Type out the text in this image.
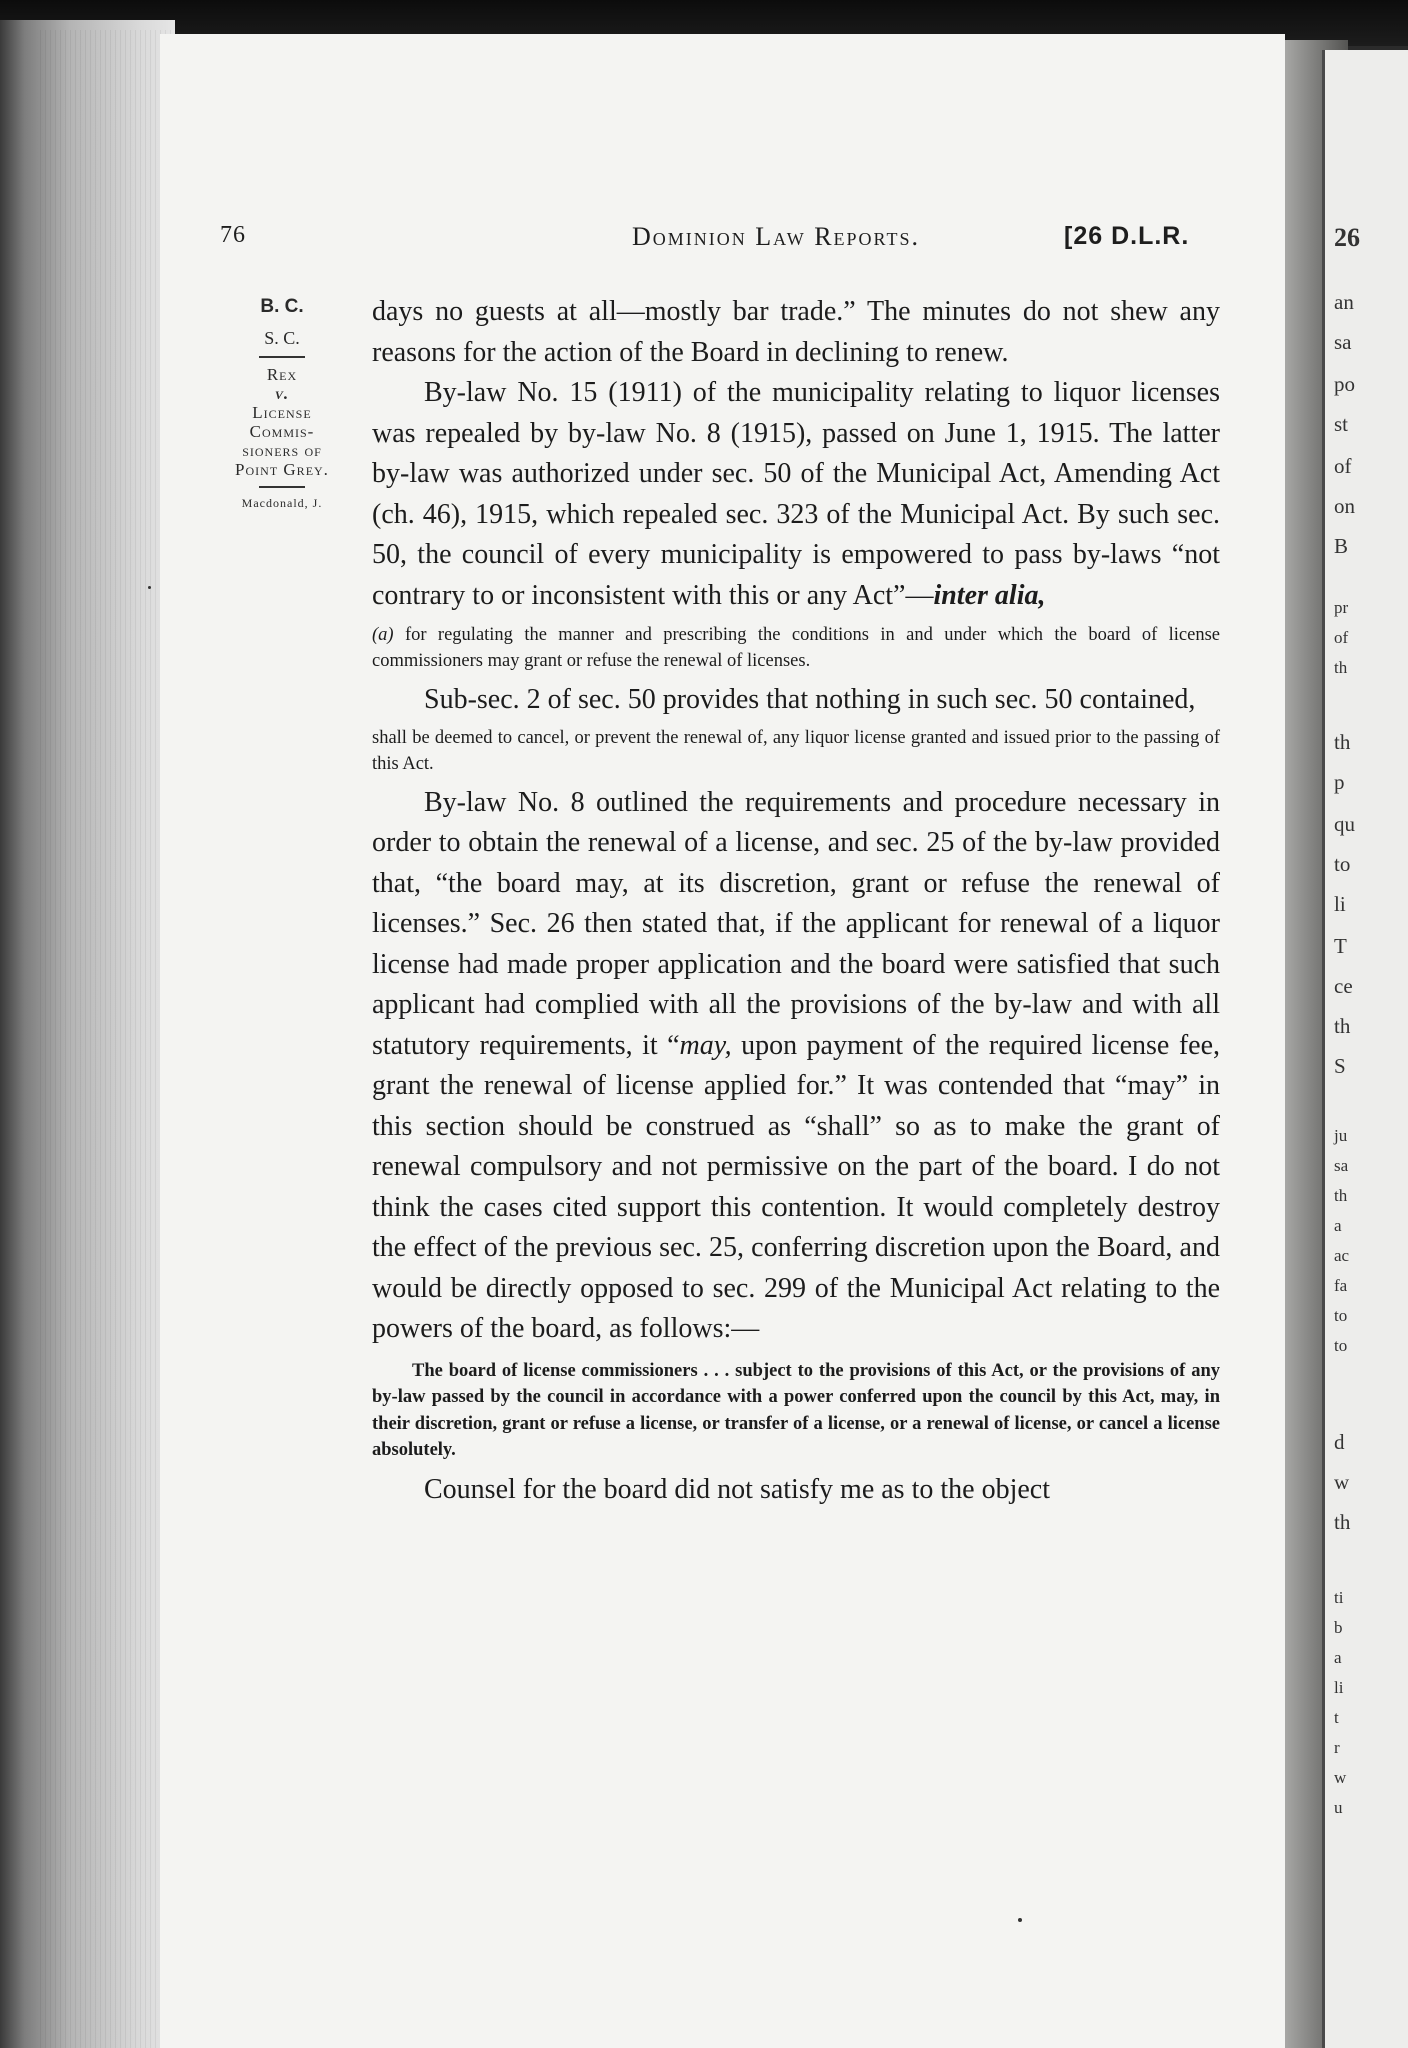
26
an
sa
po
st
of
on
B
pr
of
th
th
p
qu
to
li
T
ce
th
S
ju
sa
th
a
ac
fa
to
to
d
w
th
ti
b
a
li
t
r
w
u
76	Dominion Law Reports.	[26 D.L.R.
B. C.
S. C.
Rex
v.
License
Commis-
sioners of
Point Grey.
Macdonald, J.

days no guests at all—mostly bar trade.” The minutes do not shew any reasons for the action of the Board in declining to renew.

By-law No. 15 (1911) of the municipality relating to liquor licenses was repealed by by-law No. 8 (1915), passed on June 1, 1915. The latter by-law was authorized under sec. 50 of the Municipal Act, Amending Act (ch. 46), 1915, which repealed sec. 323 of the Municipal Act. By such sec. 50, the council of every municipality is empowered to pass by-laws “not contrary to or inconsistent with this or any Act”—inter alia,

(a) for regulating the manner and prescribing the conditions in and under which the board of license commissioners may grant or refuse the renewal of licenses.

Sub-sec. 2 of sec. 50 provides that nothing in such sec. 50 contained,

shall be deemed to cancel, or prevent the renewal of, any liquor license granted and issued prior to the passing of this Act.

By-law No. 8 outlined the requirements and procedure necessary in order to obtain the renewal of a license, and sec. 25 of the by-law provided that, “the board may, at its discretion, grant or refuse the renewal of licenses.” Sec. 26 then stated that, if the applicant for renewal of a liquor license had made proper application and the board were satisfied that such applicant had complied with all the provisions of the by-law and with all statutory requirements, it “may, upon payment of the required license fee, grant the renewal of license applied for.” It was contended that “may” in this section should be construed as “shall” so as to make the grant of renewal compulsory and not permissive on the part of the board. I do not think the cases cited support this contention. It would completely destroy the effect of the previous sec. 25, conferring discretion upon the Board, and would be directly opposed to sec. 299 of the Municipal Act relating to the powers of the board, as follows:—

The board of license commissioners . . . subject to the provisions of this Act, or the provisions of any by-law passed by the council in accordance with a power conferred upon the council by this Act, may, in their discretion, grant or refuse a license, or transfer of a license, or a renewal of license, or cancel a license absolutely.

Counsel for the board did not satisfy me as to the object
